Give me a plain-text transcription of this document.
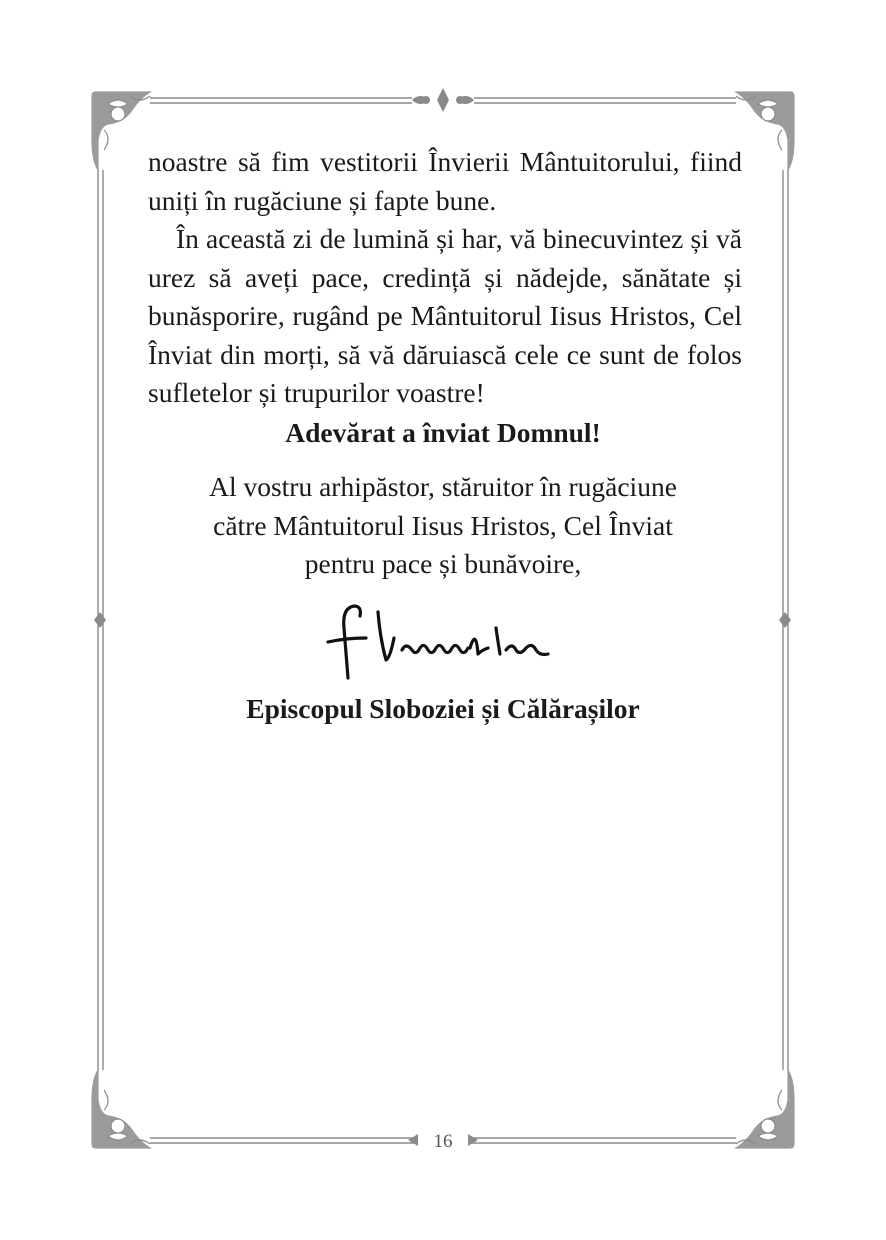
noastre să fim vestitorii Învierii Mântuitorului, fiind uniți în rugăciune și fapte bune.

În această zi de lumină și har, vă binecuvintez și vă urez să aveți pace, credință și nădejde, sănătate și bunăsporire, rugând pe Mântuitorul Iisus Hristos, Cel Înviat din morți, să vă dăruiască cele ce sunt de folos sufletelor și trupurilor voastre!

Adevărat a înviat Domnul!
Al vostru arhipăstor, stăruitor în rugăciune
către Mântuitorul Iisus Hristos, Cel Înviat
pentru pace și bunăvoire,
Episcopul Sloboziei și Călărașilor
16
